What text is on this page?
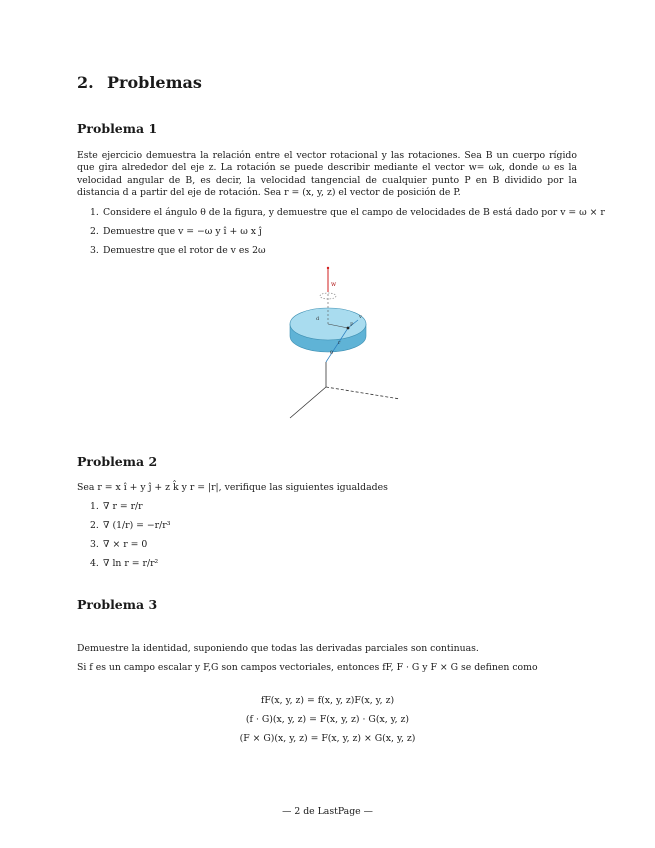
2. Problemas
Problema 1

Este ejercicio demuestra la relación entre el vector rotacional y las rotaciones. Sea B un cuerpo rígido que gira alrededor del eje z. La rotación se puede describir mediante el vector w= ωk, donde ω es la velocidad angular de B, es decir, la velocidad tangencial de cualquier punto P en B dividido por la distancia d a partir del eje de rotación. Sea r = (x, y, z) el vector de posición de P.

1. Considere el ángulo θ de la figura, y demuestre que el campo de velocidades de B está dado por v = ω × r
2. Demuestre que v = −ω y î + ω x ĵ
3. Demuestre que el rotor de v es 2ω
w
d
P
θ
v
r
Problema 2
Sea r = x î + y ĵ + z k̂ y r = |r|, verifique las siguientes igualdades
1. ∇ r = r/r
2. ∇ (1/r) = −r/r³
3. ∇ × r = 0
4. ∇ ln r = r/r²
Problema 3
Demuestre la identidad, suponiendo que todas las derivadas parciales son continuas.
Si f es un campo escalar y F,G son campos vectoriales, entonces fF, F · G y F × G se definen como
fF(x, y, z) = f(x, y, z)F(x, y, z)
(f · G)(x, y, z) = F(x, y, z) · G(x, y, z)
(F × G)(x, y, z) = F(x, y, z) × G(x, y, z)
— 2 de LastPage —
